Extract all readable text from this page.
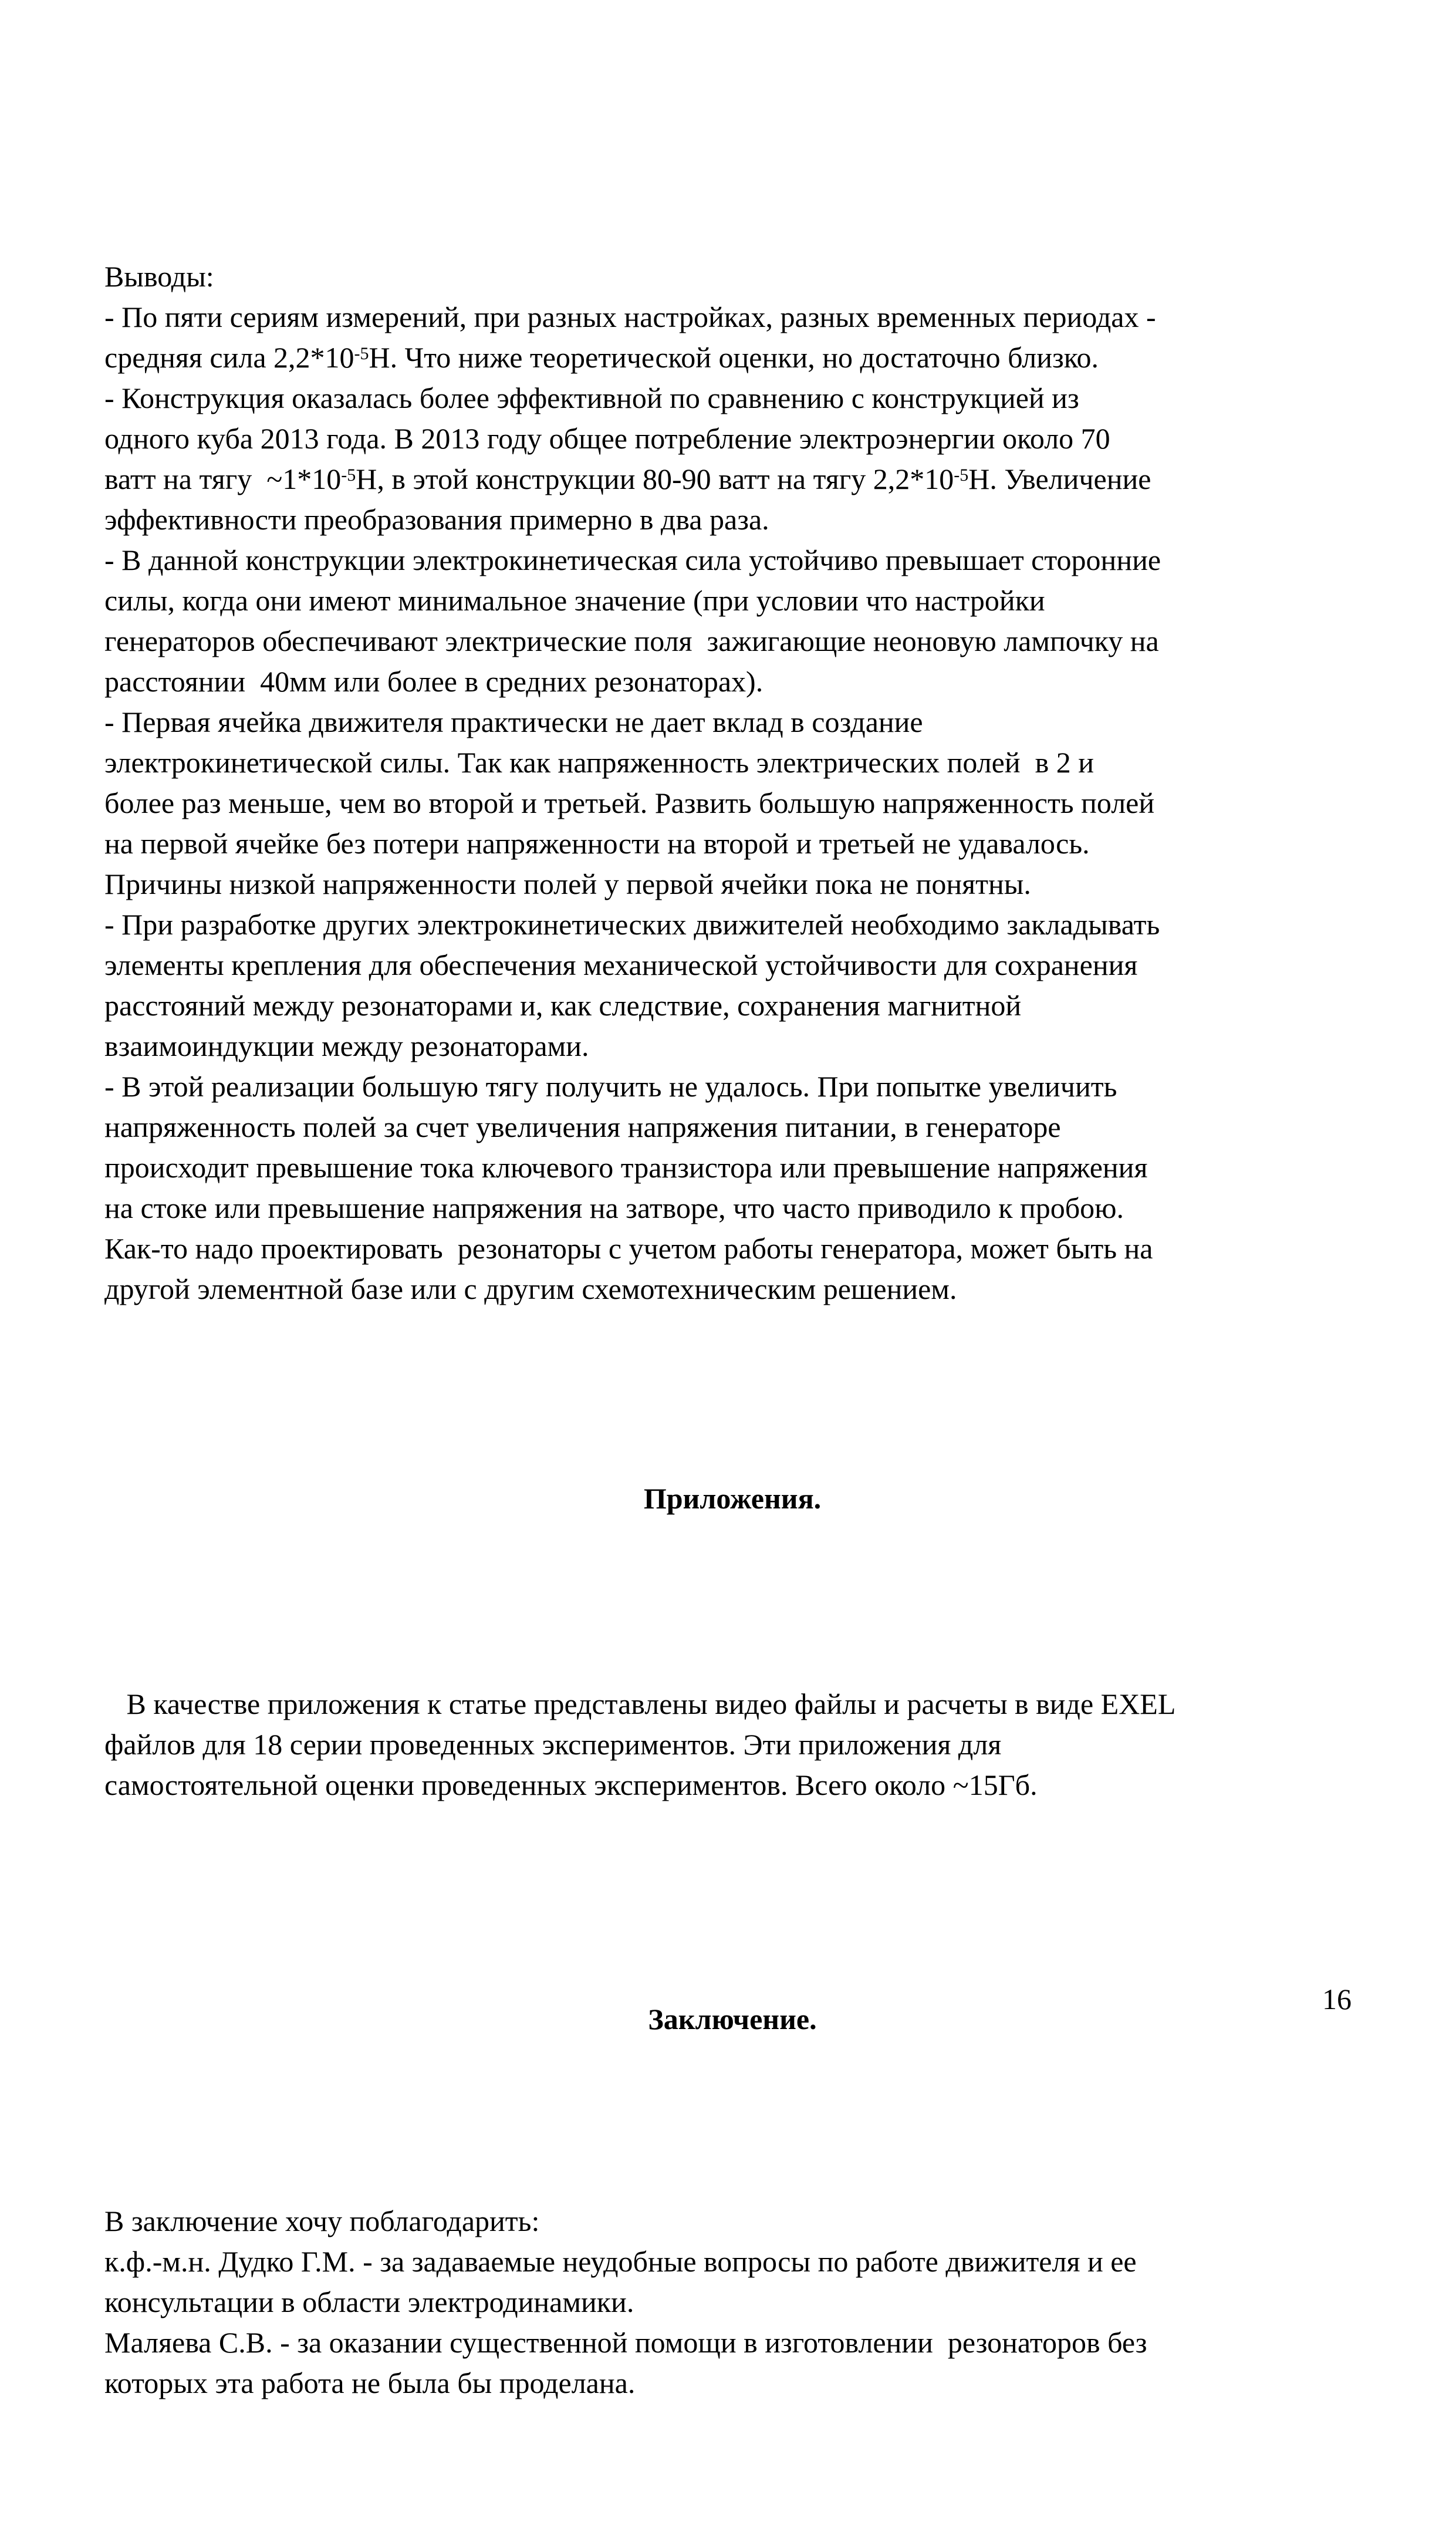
Выводы:
- По пяти сериям измерений, при разных настройках, разных временных периодах -
средняя сила $2,2*10^{-5}Н$. Что ниже теоретической оценки, но достаточно близко.
- Конструкция оказалась более эффективной по сравнению с конструкцией из
одного куба 2013 года. В 2013 году общее потребление электроэнергии около 70
ватт на тягу  $\sim 1*10^{-5}Н$, в этой конструкции 80-90 ватт на тягу $2,2*10^{-5}Н$. Увеличение
эффективности преобразования примерно в два раза.
- В данной конструкции электрокинетическая сила устойчиво превышает сторонние
силы, когда они имеют минимальное значение (при условии что настройки
генераторов обеспечивают электрические поля  зажигающие неоновую лампочку на
расстоянии  40мм или более в средних резонаторах).
- Первая ячейка движителя практически не дает вклад в создание
электрокинетической силы. Так как напряженность электрических полей  в 2 и
более раз меньше, чем во второй и третьей. Развить большую напряженность полей
на первой ячейке без потери напряженности на второй и третьей не удавалось.
Причины низкой напряженности полей у первой ячейки пока не понятны.
- При разработке других электрокинетических движителей необходимо закладывать
элементы крепления для обеспечения механической устойчивости для сохранения
расстояний между резонаторами и, как следствие, сохранения магнитной
взаимоиндукции между резонаторами.
- В этой реализации большую тягу получить не удалось. При попытке увеличить
напряженность полей за счет увеличения напряжения питании, в генераторе
происходит превышение тока ключевого транзистора или превышение напряжения
на стоке или превышение напряжения на затворе, что часто приводило к пробою.
Как-то надо проектировать  резонаторы с учетом работы генератора, может быть на
другой элементной базе или с другим схемотехническим решением.

Приложения.

В качестве приложения к статье представлены видео файлы и расчеты в виде EXEL
файлов для 18 серии проведенных экспериментов. Эти приложения для
самостоятельной оценки проведенных экспериментов. Всего около ~15Гб.

Заключение.

В заключение хочу поблагодарить:
к.ф.-м.н. Дудко Г.М. - за задаваемые неудобные вопросы по работе движителя и ее
консультации в области электродинамики.
Маляева С.В. - за оказании существенной помощи в изготовлении  резонаторов без
которых эта работа не была бы проделана.

16
